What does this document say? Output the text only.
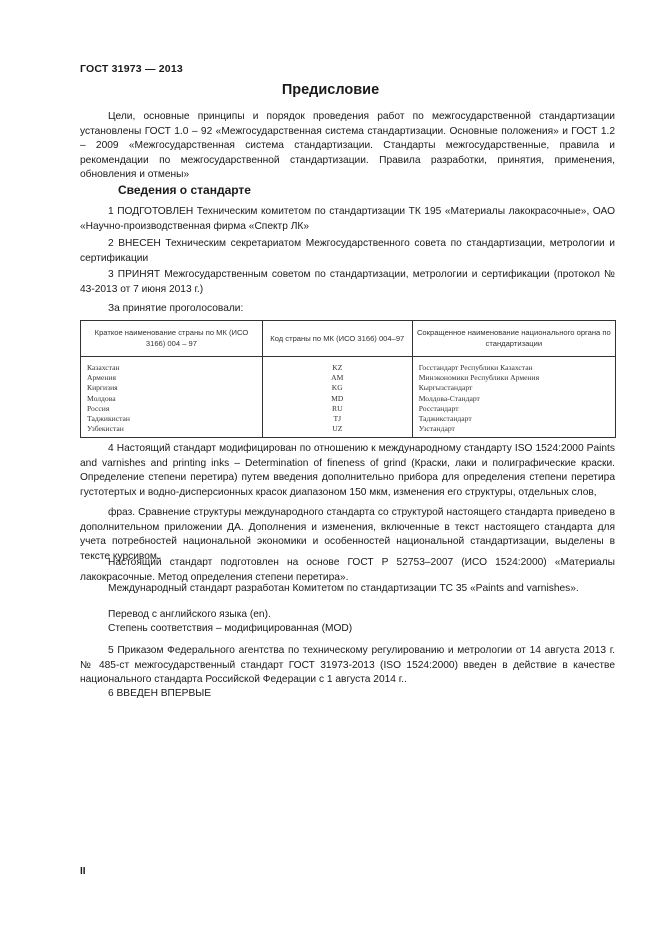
ГОСТ 31973 — 2013
Предисловие

Цели, основные принципы и порядок проведения работ по межгосударственной стандартизации установлены ГОСТ 1.0 – 92 «Межгосударственная система стандартизации. Основные положения» и ГОСТ 1.2 – 2009 «Межгосударственная система стандартизации. Стандарты межгосударственные, правила и рекомендации по межгосударственной стандартизации. Правила разработки, принятия, применения, обновления и отмены»

Сведения о стандарте

1 ПОДГОТОВЛЕН Техническим комитетом по стандартизации ТК 195 «Материалы лакокрасочные», ОАО «Научно-производственная фирма «Спектр ЛК»

2 ВНЕСЕН Техническим секретариатом Межгосударственного совета по стандартизации, метрологии и сертификации

3 ПРИНЯТ Межгосударственным советом по стандартизации, метрологии и сертификации (протокол № 43-2013 от 7 июня 2013 г.)

За принятие проголосовали:

Краткое наименование страны по МК (ИСО 3166) 004 – 97	Код страны по МК (ИСО 3166) 004–97	Сокращенное наименование национального органа по стандартизации
Казахстан	KZ	Госстандарт Республики Казахстан
Армения	AM	Минэкономики Республики Армения
Киргизия	KG	Кыргызстандарт
Молдова	MD	Молдова-Стандарт
Россия	RU	Росстандарт
Таджикистан	TJ	Таджикстандарт
Узбекистан	UZ	Узстандарт

4 Настоящий стандарт модифицирован по отношению к международному стандарту ISO 1524:2000 Paints and varnishes and printing inks – Determination of fineness of grind (Краски, лаки и полиграфические краски. Определение степени перетира) путем введения дополнительно прибора для определения степени перетира густотертых и водно-дисперсионных красок диапазоном 150 мкм, изменения его структуры, отдельных слов,

фраз. Сравнение структуры международного стандарта со структурой настоящего стандарта приведено в дополнительном приложении ДА. Дополнения и изменения, включенные в текст настоящего стандарта для учета потребностей национальной экономики и особенностей национальной стандартизации, выделены в тексте курсивом.

Настоящий стандарт подготовлен на основе ГОСТ Р 52753–2007 (ИСО 1524:2000) «Материалы лакокрасочные. Метод определения степени перетира».

Международный стандарт разработан Комитетом по стандартизации ТС 35 «Paints and varnishes».

Перевод с английского языка (en).

Степень соответствия – модифицированная (MOD)

5 Приказом Федерального агентства по техническому регулированию и метрологии от 14 августа 2013 г. № 485-ст межгосударственный стандарт ГОСТ 31973-2013 (ISO 1524:2000) введен в действие в качестве национального стандарта Российской Федерации с 1 августа 2014 г..

6 ВВЕДЕН ВПЕРВЫЕ

II
